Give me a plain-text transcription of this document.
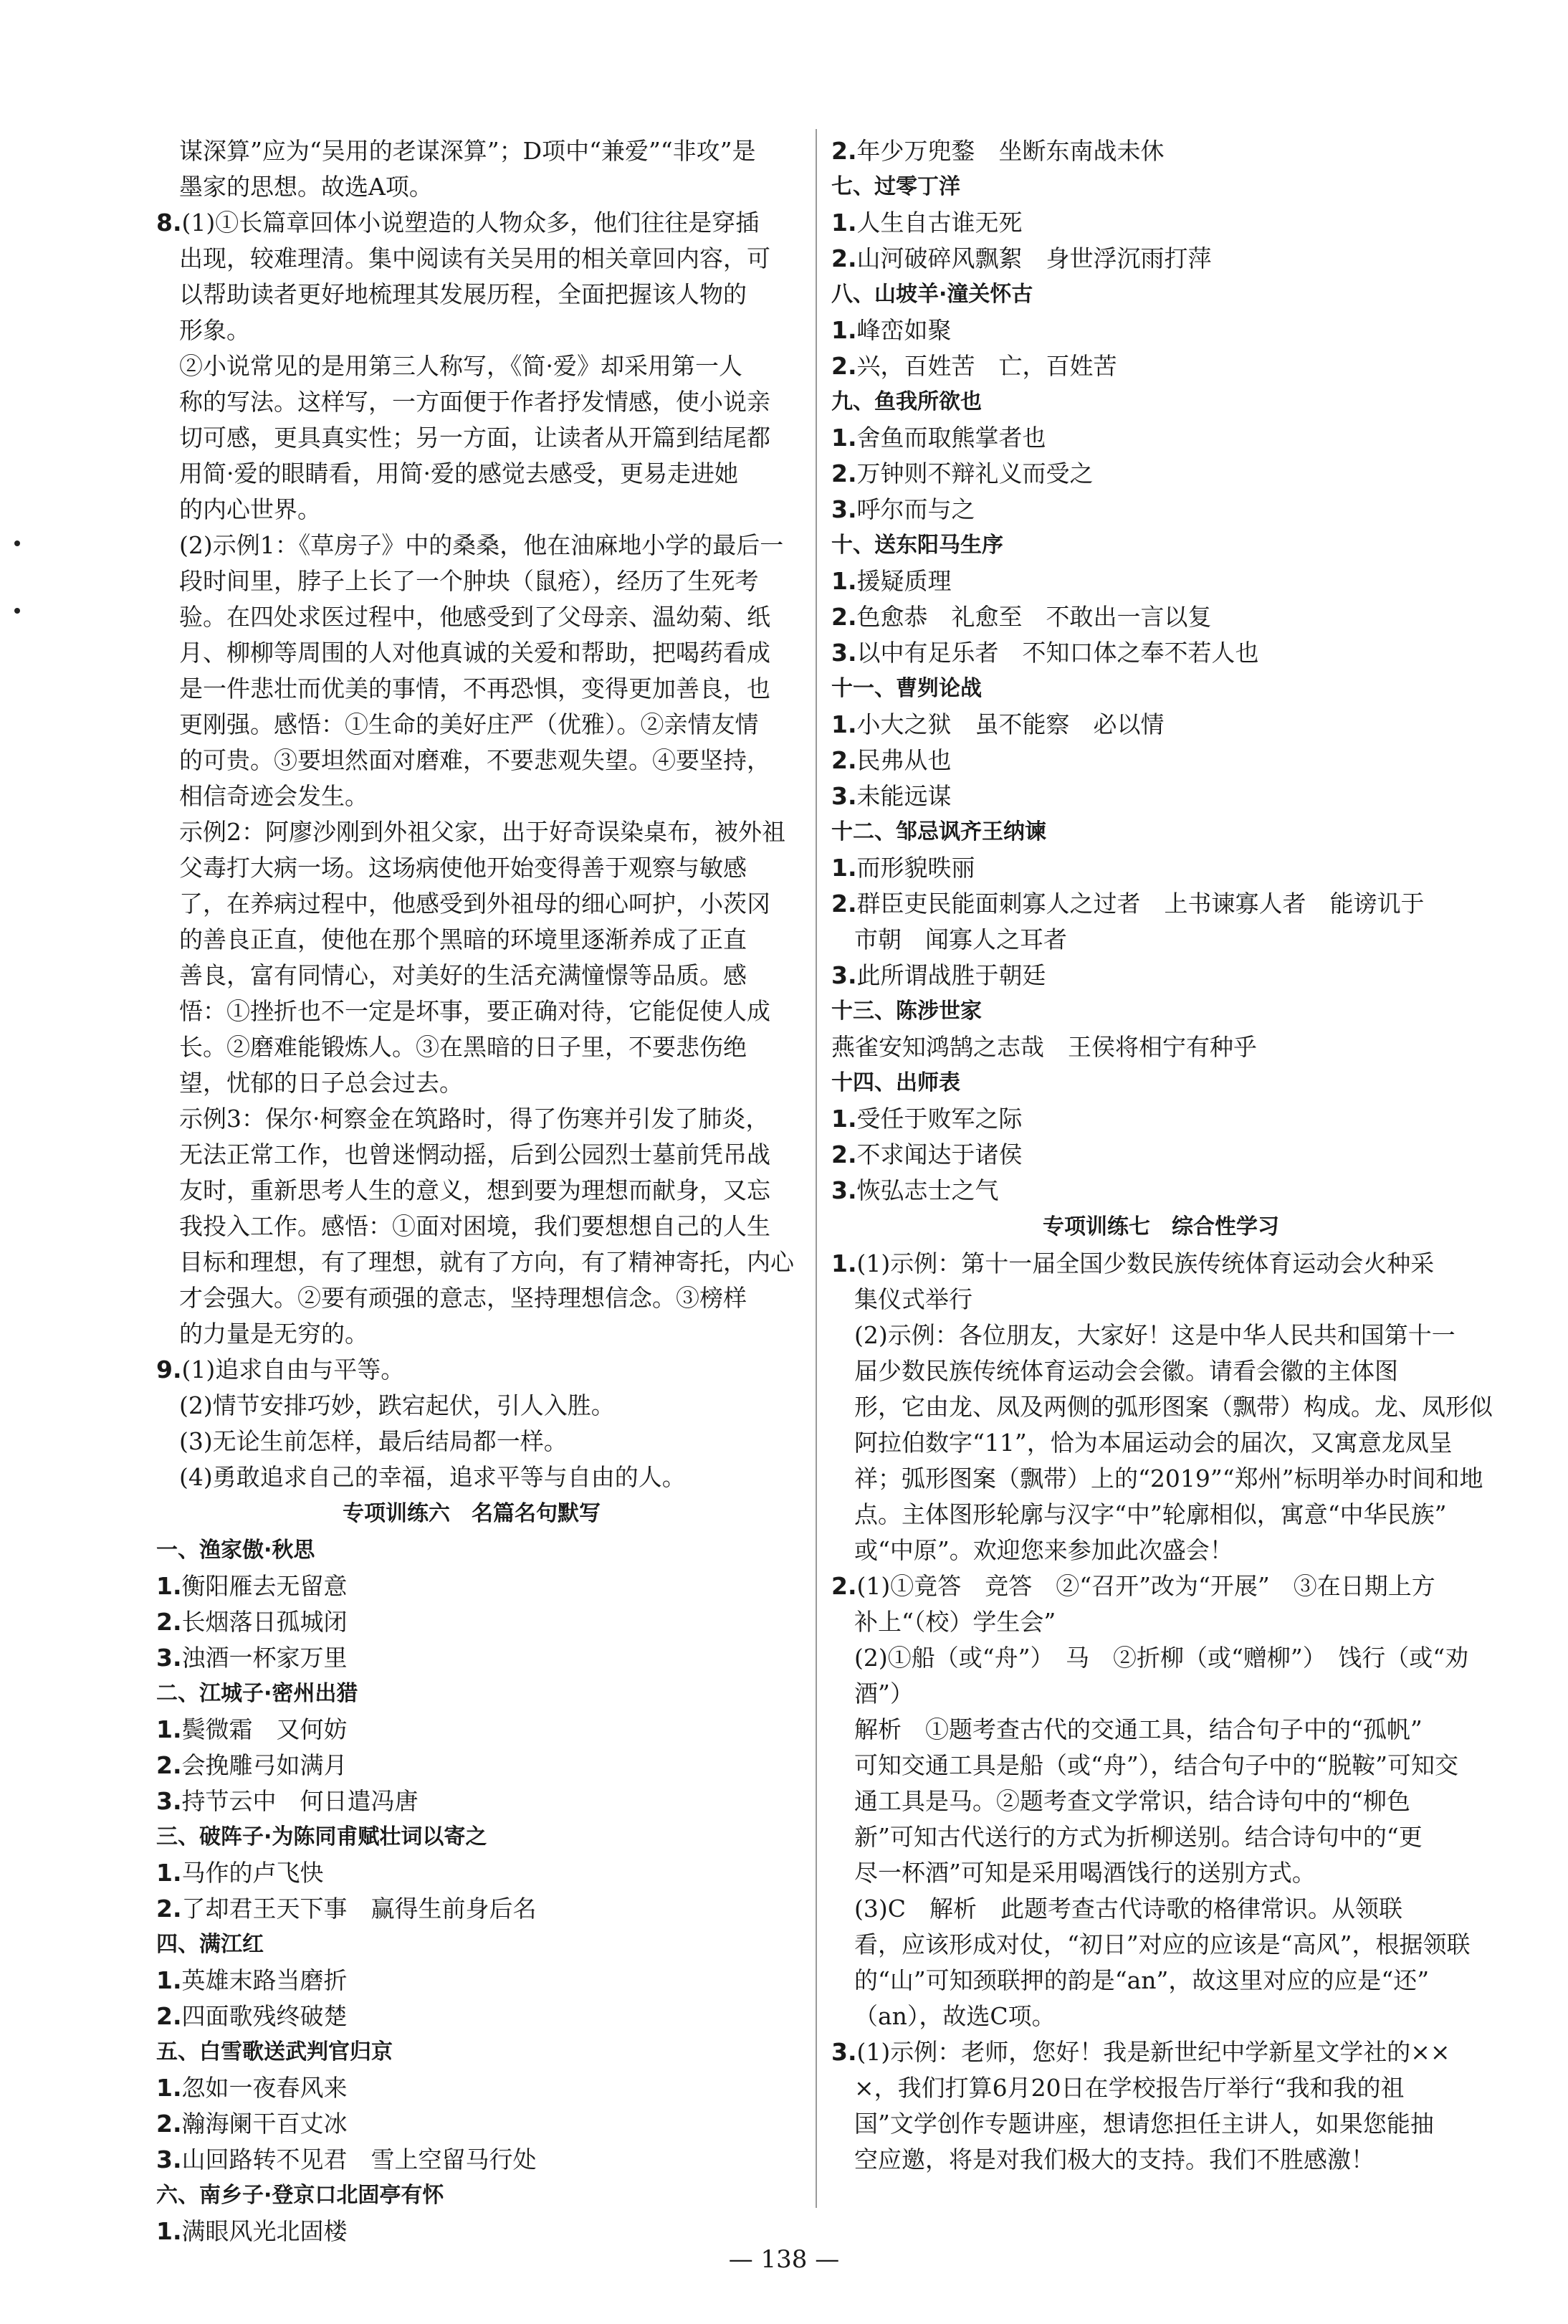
谋深算”应为“吴用的老谋深算”；D项中“兼爱”“非攻”是
墨家的思想。故选A项。
8.(1)①长篇章回体小说塑造的人物众多，他们往往是穿插
出现，较难理清。集中阅读有关吴用的相关章回内容，可
以帮助读者更好地梳理其发展历程，全面把握该人物的
形象。
②小说常见的是用第三人称写，《简·爱》却采用第一人
称的写法。这样写，一方面便于作者抒发情感，使小说亲
切可感，更具真实性；另一方面，让读者从开篇到结尾都
用简·爱的眼睛看，用简·爱的感觉去感受，更易走进她
的内心世界。
(2)示例1：《草房子》中的桑桑，他在油麻地小学的最后一
段时间里，脖子上长了一个肿块（鼠疮），经历了生死考
验。在四处求医过程中，他感受到了父母亲、温幼菊、纸
月、柳柳等周围的人对他真诚的关爱和帮助，把喝药看成
是一件悲壮而优美的事情，不再恐惧，变得更加善良，也
更刚强。感悟：①生命的美好庄严（优雅）。②亲情友情
的可贵。③要坦然面对磨难，不要悲观失望。④要坚持，
相信奇迹会发生。
示例2：阿廖沙刚到外祖父家，出于好奇误染桌布，被外祖
父毒打大病一场。这场病使他开始变得善于观察与敏感
了，在养病过程中，他感受到外祖母的细心呵护，小茨冈
的善良正直，使他在那个黑暗的环境里逐渐养成了正直
善良，富有同情心，对美好的生活充满憧憬等品质。感
悟：①挫折也不一定是坏事，要正确对待，它能促使人成
长。②磨难能锻炼人。③在黑暗的日子里，不要悲伤绝
望，忧郁的日子总会过去。
示例3：保尔·柯察金在筑路时，得了伤寒并引发了肺炎，
无法正常工作，也曾迷惘动摇，后到公园烈士墓前凭吊战
友时，重新思考人生的意义，想到要为理想而献身，又忘
我投入工作。感悟：①面对困境，我们要想想自己的人生
目标和理想，有了理想，就有了方向，有了精神寄托，内心
才会强大。②要有顽强的意志，坚持理想信念。③榜样
的力量是无穷的。
9.(1)追求自由与平等。
(2)情节安排巧妙，跌宕起伏，引人入胜。
(3)无论生前怎样，最后结局都一样。
(4)勇敢追求自己的幸福，追求平等与自由的人。
专项训练六　名篇名句默写
一、渔家傲·秋思
1.衡阳雁去无留意
2.长烟落日孤城闭
3.浊酒一杯家万里
二、江城子·密州出猎
1.鬓微霜　又何妨
2.会挽雕弓如满月
3.持节云中　何日遣冯唐
三、破阵子·为陈同甫赋壮词以寄之
1.马作的卢飞快
2.了却君王天下事　赢得生前身后名
四、满江红
1.英雄末路当磨折
2.四面歌残终破楚
五、白雪歌送武判官归京
1.忽如一夜春风来
2.瀚海阑干百丈冰
3.山回路转不见君　雪上空留马行处
六、南乡子·登京口北固亭有怀
1.满眼风光北固楼
2.年少万兜鍪　坐断东南战未休
七、过零丁洋
1.人生自古谁无死
2.山河破碎风飘絮　身世浮沉雨打萍
八、山坡羊·潼关怀古
1.峰峦如聚
2.兴，百姓苦　亡，百姓苦
九、鱼我所欲也
1.舍鱼而取熊掌者也
2.万钟则不辩礼义而受之
3.呼尔而与之
十、送东阳马生序
1.援疑质理
2.色愈恭　礼愈至　不敢出一言以复
3.以中有足乐者　不知口体之奉不若人也
十一、曹刿论战
1.小大之狱　虽不能察　必以情
2.民弗从也
3.未能远谋
十二、邹忌讽齐王纳谏
1.而形貌昳丽
2.群臣吏民能面刺寡人之过者　上书谏寡人者　能谤讥于
市朝　闻寡人之耳者
3.此所谓战胜于朝廷
十三、陈涉世家
燕雀安知鸿鹄之志哉　王侯将相宁有种乎
十四、出师表
1.受任于败军之际
2.不求闻达于诸侯
3.恢弘志士之气
专项训练七　综合性学习
1.(1)示例：第十一届全国少数民族传统体育运动会火种采
集仪式举行
(2)示例：各位朋友，大家好！这是中华人民共和国第十一
届少数民族传统体育运动会会徽。请看会徽的主体图
形，它由龙、凤及两侧的弧形图案（飘带）构成。龙、凤形似
阿拉伯数字“11”，恰为本届运动会的届次，又寓意龙凤呈
祥；弧形图案（飘带）上的“2019”“郑州”标明举办时间和地
点。主体图形轮廓与汉字“中”轮廓相似，寓意“中华民族”
或“中原”。欢迎您来参加此次盛会！
2.(1)①竟答　竞答　②“召开”改为“开展”　③在日期上方
补上“（校）学生会”
(2)①船（或“舟”）　马　②折柳（或“赠柳”）　饯行（或“劝
酒”）
解析　①题考查古代的交通工具，结合句子中的“孤帆”
可知交通工具是船（或“舟”），结合句子中的“脱鞍”可知交
通工具是马。②题考查文学常识，结合诗句中的“柳色
新”可知古代送行的方式为折柳送别。结合诗句中的“更
尽一杯酒”可知是采用喝酒饯行的送别方式。
(3)C　解析　此题考查古代诗歌的格律常识。从领联
看，应该形成对仗，“初日”对应的应该是“高风”，根据领联
的“山”可知颈联押的韵是“an”，故这里对应的应是“还”
（an），故选C项。
3.(1)示例：老师，您好！我是新世纪中学新星文学社的××
×，我们打算6月20日在学校报告厅举行“我和我的祖
国”文学创作专题讲座，想请您担任主讲人，如果您能抽
空应邀，将是对我们极大的支持。我们不胜感激！
— 138 —
